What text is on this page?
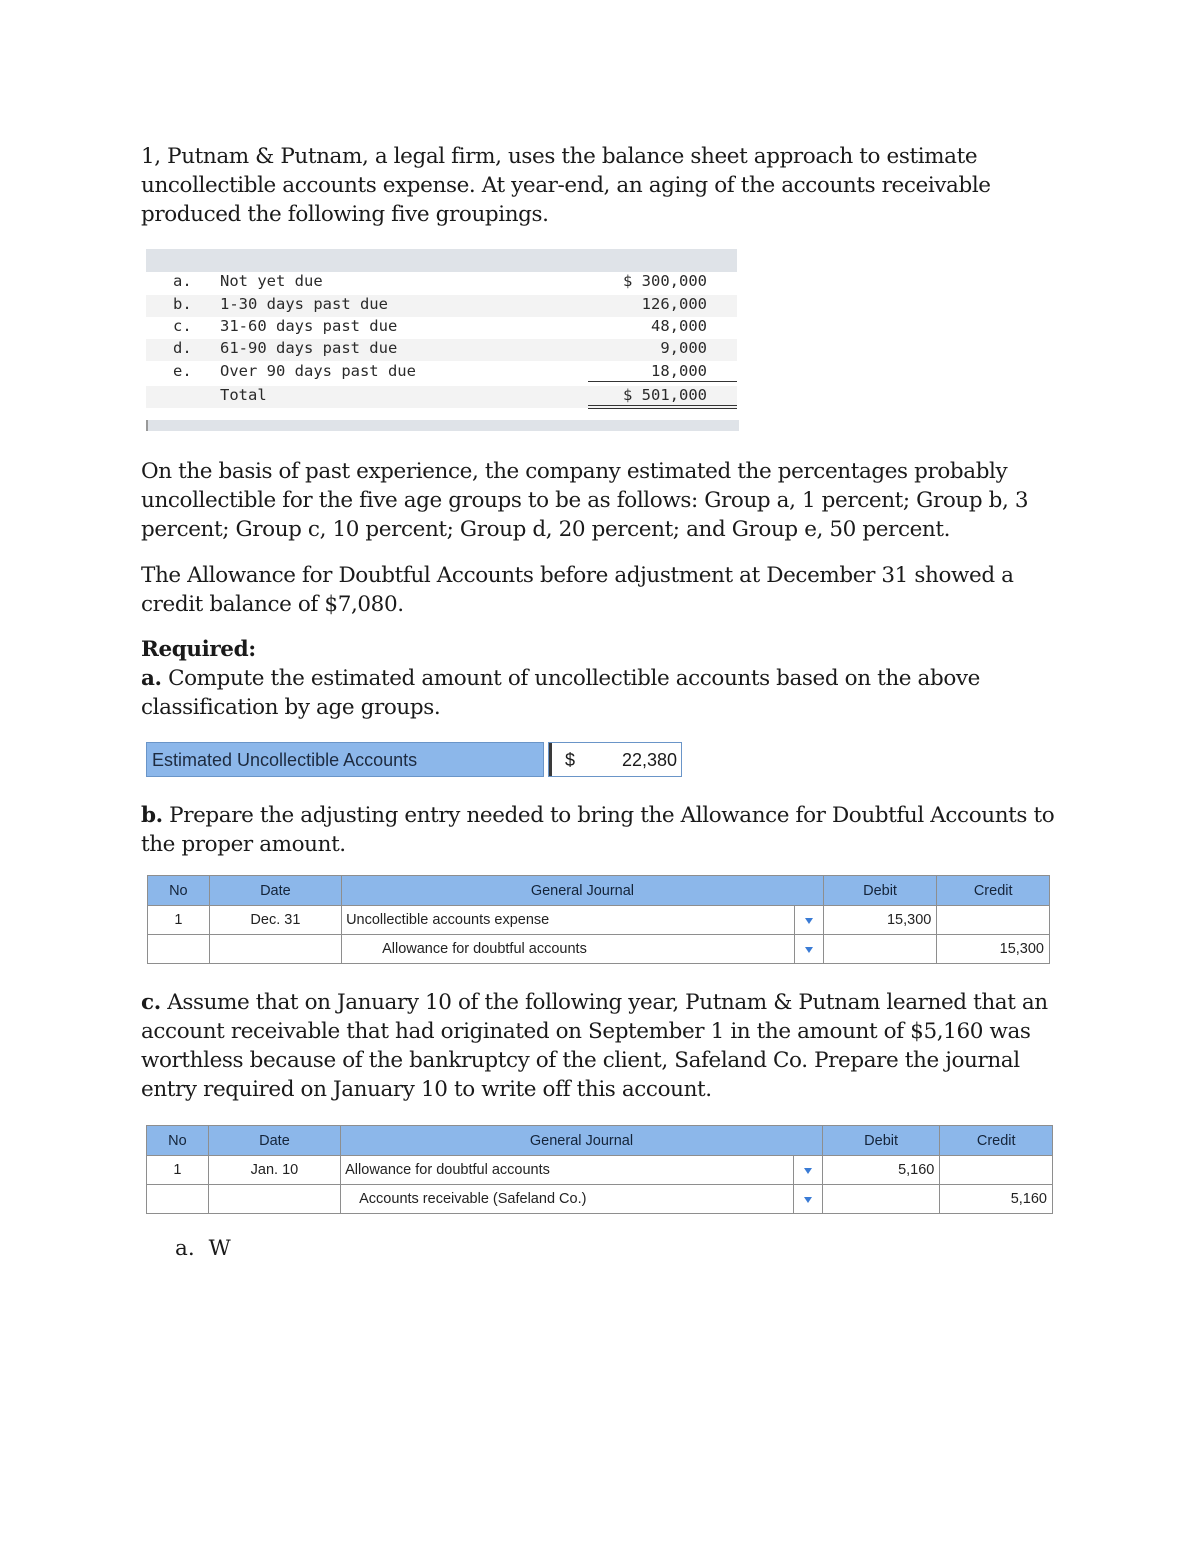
1, Putnam & Putnam, a legal firm, uses the balance sheet approach to estimate uncollectible accounts expense. At year-end, an aging of the accounts receivable produced the following five groupings.

a. Not yet due	$ 300,000
b. 1-30 days past due	126,000
c. 31-60 days past due	48,000
d. 61-90 days past due	9,000
e. Over 90 days past due	18,000
Total	$ 501,000

On the basis of past experience, the company estimated the percentages probably uncollectible for the five age groups to be as follows: Group a, 1 percent; Group b, 3 percent; Group c, 10 percent; Group d, 20 percent; and Group e, 50 percent.

The Allowance for Doubtful Accounts before adjustment at December 31 showed a credit balance of $7,080.

Required:

a. Compute the estimated amount of uncollectible accounts based on the above classification by age groups.

Estimated Uncollectible Accounts	$	22,380

b. Prepare the adjusting entry needed to bring the Allowance for Doubtful Accounts to the proper amount.

No	Date	General Journal		Debit	Credit
1	Dec. 31	Uncollectible accounts expense		15,300	
		Allowance for doubtful accounts			15,300

c. Assume that on January 10 of the following year, Putnam & Putnam learned that an account receivable that had originated on September 1 in the amount of $5,160 was worthless because of the bankruptcy of the client, Safeland Co. Prepare the journal entry required on January 10 to write off this account.

No	Date	General Journal		Debit	Credit
1	Jan. 10	Allowance for doubtful accounts		5,160	
		Accounts receivable (Safeland Co.)			5,160
a. W
